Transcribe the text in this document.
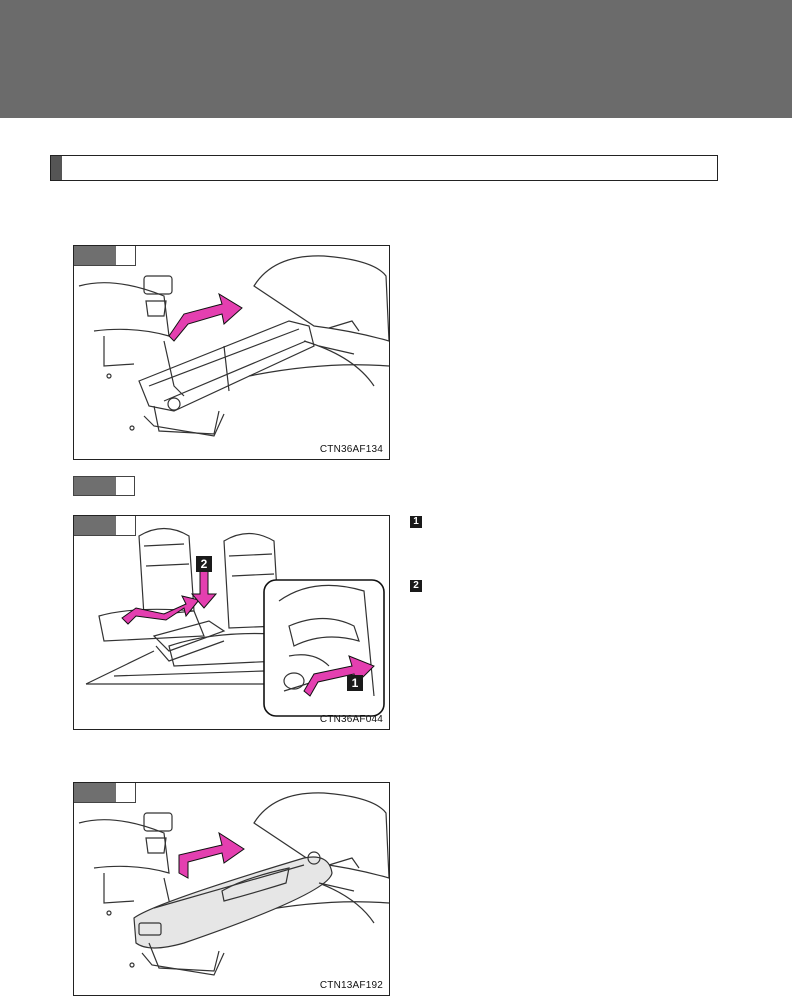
CTN36AF134
2
1
CTN36AF044
1
2
CTN13AF192
